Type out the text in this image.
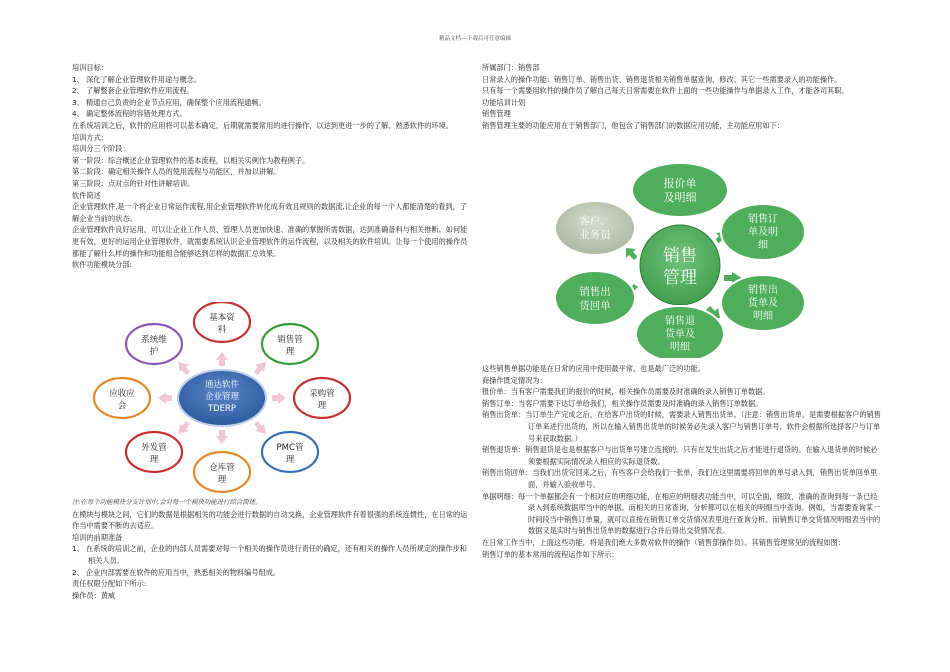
精品文档---下载后可任意编辑

培训目标：

1、 深化了解企业管理软件用途与概念。

2、 了解整套企业管理软件应用流程。

3、 精通自己负责的企业节点应用，确保整个应用流程通畅。

4、 确定整体流程的容错处理方式。

在系统培训之后，软件的应用将可以基本确定，后期就需要常用的进行操作，以达到更进一步的了解、熟悉软件的环境。

培训方式：

培训分三个阶段：

第一阶段：综合概述企业管理软件的基本流程，以相关实例作为教程例子。

第二阶段：确定相关操作人员的使用流程与功能区，并加以讲解。

第三阶段：点对点的针对性讲解培训。

软件简述

企业管理软件,是一个将企业日常运作流程,用企业管理软件转化成有效且规则的数据流,让企业的每一个人都能清楚的看到，了解企业当前的状态。

企业管理软件良好运用，可以让企业工作人员、管理人员更加快速、准确的掌握所需数据，达到准确备料与相关推断。如何能更有效，更好的运用企业管理软件，就需要系统认识企业管理软件的运作流程，以及相关的软件培训。让每一个使用的操作员都能了解什么样的操作和功能组合能够达到怎样的数据汇总效果。

软件功能模块分部:

通达软件
企业管理
TDERP
基本资
料
销售管
理
采购管
理
PMC管
理
仓库管
理
外发管
理
应收应
会
系统维
护

注:在每个功能模块分支计划中,会对每一个模块功能进行综合简述。

在模块与模块之间，它们的数据是根据相关的功能会进行数据的自动交换，企业管理软件有着很强的系统连惯性，在日常的运作当中需要不断的去适应。

培训的前期准备

1、 在系统的培训之前，企业的内部人员需要对每一个相关的操作员进行责任的确定，还有相关的操作人员所规定的操作步和相关人员。

2、 企业内部需要在软件的应用当中，熟悉相关的物料编号组成。

责任权限分配如下所示:

操作员：黄威

所属部门：销售部

日常录入的操作功能：销售订单、销售出货、销售退货相关销售单据查询、修改。其它一些需要录入的功能操作。

只有每一个需要用软件的操作员了解自己每天日常需要在软件上面的一些功能操作与单据录入工作，才能各司其职。

功能培训计划

销售管理

销售管理主要的功能应用在于销售部门，他包含了销售部门的数据应用功能，主功能应用如下：

销售
管理
报价单
及明细
销售订
单及明
细
销售出
货单及
明细
销售退
货单及
明细
销售出
货回单
客户、
业务员

这些销售单据功能是在日常的应用中使用最平常，也是最广泛的功能。

商操作既定情况为：

报价单：当有客户需要我们的报价的时候，相关操作员需要及时准确的录入销售订单数据。

销售订单：当客户需要下达订单给我们，相关操作员需要及时准确的录入销售订单数据。

销售出货单：当订单生产完成之后，在给客户出货的时候，需要录入销售出货单。（注意：销售出货单，是需要根据客户的销售订单来进行出货的，所以在输入销售出货单的时候务必先录入客户与销售订单号，软件会根据所选择客户与订单号来获取数据。）

销售退货单：销售退货是也是根据客户与出货单号建立连接的。只有在发生出货之后才能进行退货的。在输入退货单的时候必须要根据实际情况录入相应的实际退货数。

销售出货回单：当我们出货完回来之后，有些客户会给我们一张单，我们在这里需要将回单的单号录入到，销售出货单回单里面，并输入验收单号。

单据明细：每一个单据都会有一个相对应的明细功能，在相应的明细表功能当中，可以全面，细致，准确的查询到每一条已经录入到系统数据库当中的单据。而相关的日常查询，分析都可以在相关的明细当中查询。例如，当需要查询某一时间段当中销售订单量，就可以直接在销售订单交货情况表里进行查询分析。而销售订单交货情况明细表当中的数据又是实时与销售出货单的数据进行合并后得出交货情况表。

在日常工作当中，上面这些功能，将是我们绝大多数对软件的操作（销售部操作员）。其销售管理常见的流程如图：

销售订单的基本常用的流程运作如下所示：
